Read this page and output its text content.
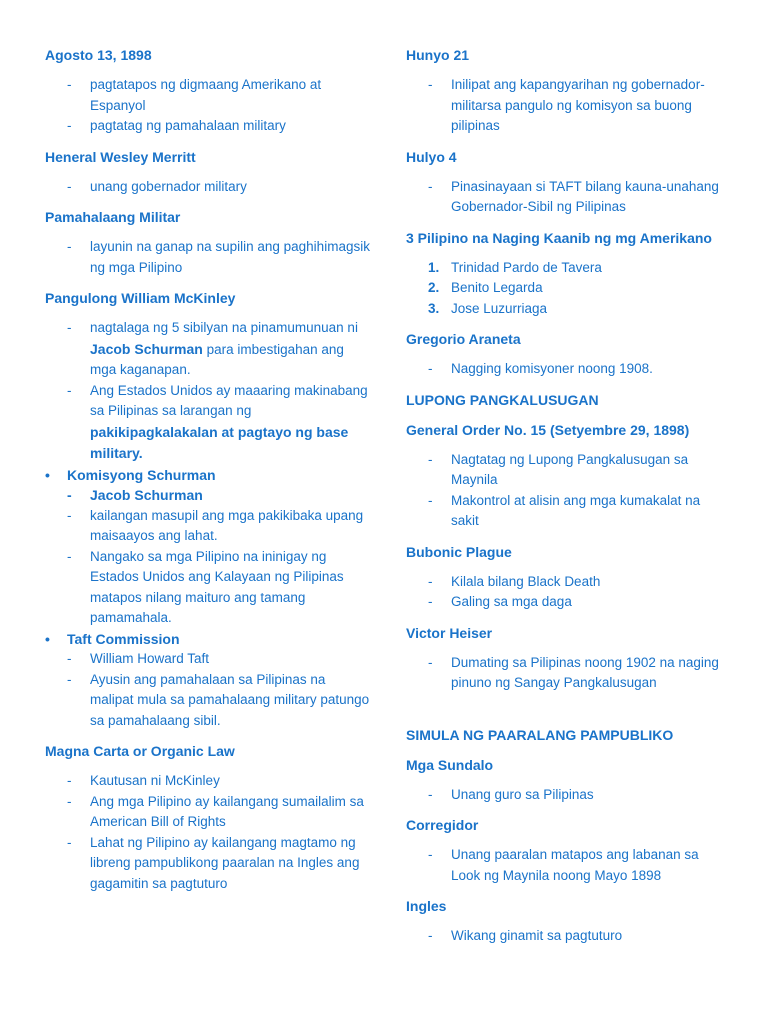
Agosto 13, 1898
- pagtatapos ng digmaang Amerikano at Espanyol
- pagtatag ng pamahalaan military
Heneral Wesley Merritt
- unang gobernador military
Pamahalaang Militar
- layunin na ganap na supilin ang paghihimagsik ng mga Pilipino
Pangulong William McKinley
- nagtalaga ng 5 sibilyan na pinamumunuan ni Jacob Schurman para imbestigahan ang mga kaganapan.
- Ang Estados Unidos ay maaaring makinabang sa Pilipinas sa larangan ng pakikipagkalakalan at pagtayo ng base military.
• Komisyong Schurman
- Jacob Schurman
- kailangan masupil ang mga pakikibaka upang maisaayos ang lahat.
- Nangako sa mga Pilipino na ininigay ng Estados Unidos ang Kalayaan ng Pilipinas matapos nilang maituro ang tamang pamamahala.
• Taft Commission
- William Howard Taft
- Ayusin ang pamahalaan sa Pilipinas na malipat mula sa pamahalaang military patungo sa pamahalaang sibil.
Magna Carta or Organic Law
- Kautusan ni McKinley
- Ang mga Pilipino ay kailangang sumailalim sa American Bill of Rights
- Lahat ng Pilipino ay kailangang magtamo ng libreng pampublikong paaralan na Ingles ang gagamitin sa pagtuturo
Hunyo 21
- Inilipat ang kapangyarihan ng gobernador-militarsa pangulo ng komisyon sa buong pilipinas
Hulyo 4
- Pinasinayaan si TAFT bilang kauna-unahang Gobernador-Sibil ng Pilipinas
3 Pilipino na Naging Kaanib ng mg Amerikano
1. Trinidad Pardo de Tavera
2. Benito Legarda
3. Jose Luzurriaga
Gregorio Araneta
- Nagging komisyoner noong 1908.
LUPONG PANGKALUSUGAN
General Order No. 15 (Setyembre 29, 1898)
- Nagtatag ng Lupong Pangkalusugan sa Maynila
- Makontrol at alisin ang mga kumakalat na sakit
Bubonic Plague
- Kilala bilang Black Death
- Galing sa mga daga
Victor Heiser
- Dumating sa Pilipinas noong 1902 na naging pinuno ng Sangay Pangkalusugan
SIMULA NG PAARALANG PAMPUBLIKO
Mga Sundalo
- Unang guro sa Pilipinas
Corregidor
- Unang paaralan matapos ang labanan sa Look ng Maynila noong Mayo 1898
Ingles
- Wikang ginamit sa pagtuturo
